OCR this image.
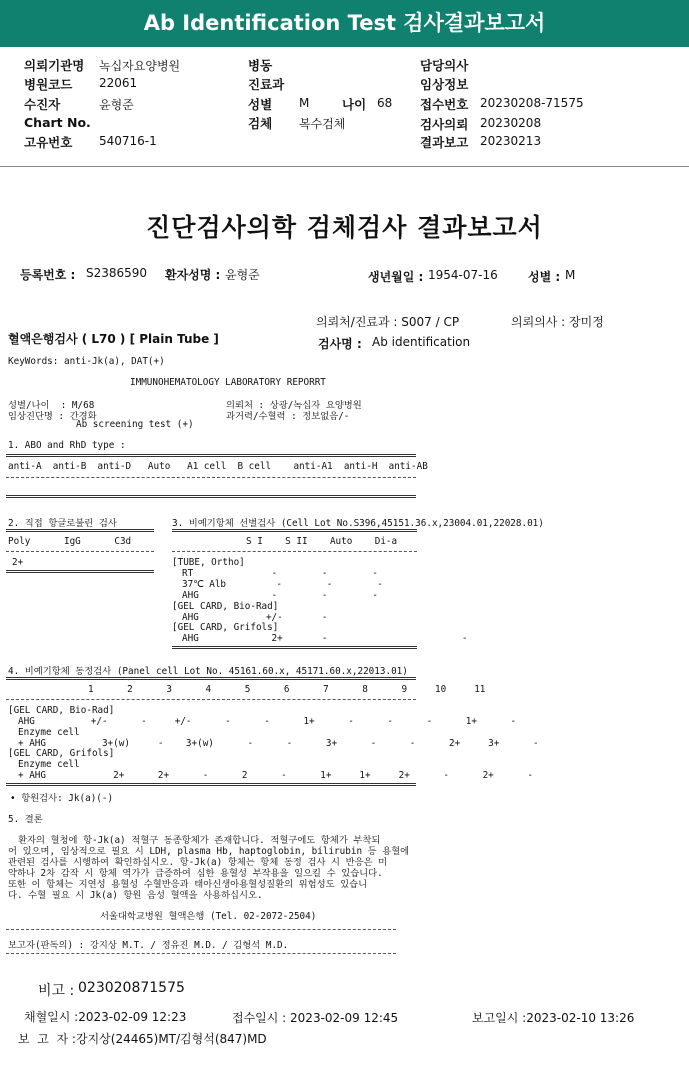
Ab Identification Test 검사결과보고서
의뢰기관명 녹십자요양병원
병원코드 22061
수진자	윤형준
Chart No.
고유번호 540716-1
병동
진료과
성별 M	나이 68
검체 복수검체
담당의사
임상정보
접수번호 20230208-71575
검사의뢰 20230208
결과보고 20230213
진단검사의학 검체검사 결과보고서
등록번호 : S2386590 환자성명 : 윤형준	생년월일 : 1954-07-16	성별 : M
의뢰처/진료과 : S007 / CP	의뢰의사 : 장미정
혈액은행검사 ( L70 ) [ Plain Tube ]	검사명 : Ab identification
KeyWords: anti-Jk(a), DAT(+)
IMMUNOHEMATOLOGY LABORATORY REPORRT
성별/나이  : M/68
임상진단명 : 간경화
Ab screening test (+)
의뢰처 : 상광/녹십자 요양병원
과거력/수혈력 : 정보없음/-
1. ABO and RhD type :
anti-A  anti-B  anti-D   Auto   A1 cell  B cell    anti-A1  anti-H  anti-AB
2. 직접 항글로불린 검사
Poly      IgG      C3d
2+
3. 비예기항체 선별검사 (Cell Lot No.S396,45151.36.x,23004.01,22028.01)
S I    S II    Auto    Di-a
[TUBE, Ortho]
RT              -        -        -
37℃ Alb         -        -        -
AHG             -        -        -
[GEL CARD, Bio-Rad]
AHG            +/-       -
[GEL CARD, Grifols]
AHG             2+       -                        -
4. 비예기항체 동정검사 (Panel cell Lot No. 45161.60.x, 45171.60.x,22013.01)
1      2      3      4      5      6      7      8      9     10     11
[GEL CARD, Bio-Rad]
AHG          +/-      -     +/-      -      -      1+      -      -      -      1+      -
Enzyme cell
+ AHG          3+(w)     -    3+(w)      -      -      3+      -      -      2+     3+      -
[GEL CARD, Grifols]
Enzyme cell
+ AHG            2+      2+      -      2      -      1+     1+     2+      -      2+      -
• 항원검사: Jk(a)(-)
5. 결론
환자의 혈청에 항-Jk(a) 적혈구 동종항체가 존재합니다. 적혈구에도 항체가 부착되
어 있으며, 임상적으로 필요 시 LDH, plasma Hb, haptoglobin, bilirubin 등 용혈에
관련된 검사를 시행하여 확인하십시오. 항-Jk(a) 항체는 항체 동정 검사 시 반응은 미
약하나 2차 감작 시 항체 역가가 급증하여 심한 용혈성 부작용을 일으킬 수 있습니다.
또한 이 항체는 지연성 용혈성 수혈반응과 태아신생아용혈성질환의 위험성도 있습니
다. 수혈 필요 시 Jk(a) 항원 음성 혈액을 사용하십시오.
서울대학교병원 혈액은행 (Tel. 02-2072-2504)
보고자(판독의) : 강지상 M.T. / 정유진 M.D. / 김형석 M.D.
비고 : 023020871575
채혈일시 :2023-02-09 12:23	접수일시 : 2023-02-09 12:45	보고일시 :2023-02-10 13:26
보  고  자 : 강지상(24465)MT/김형석(847)MD
